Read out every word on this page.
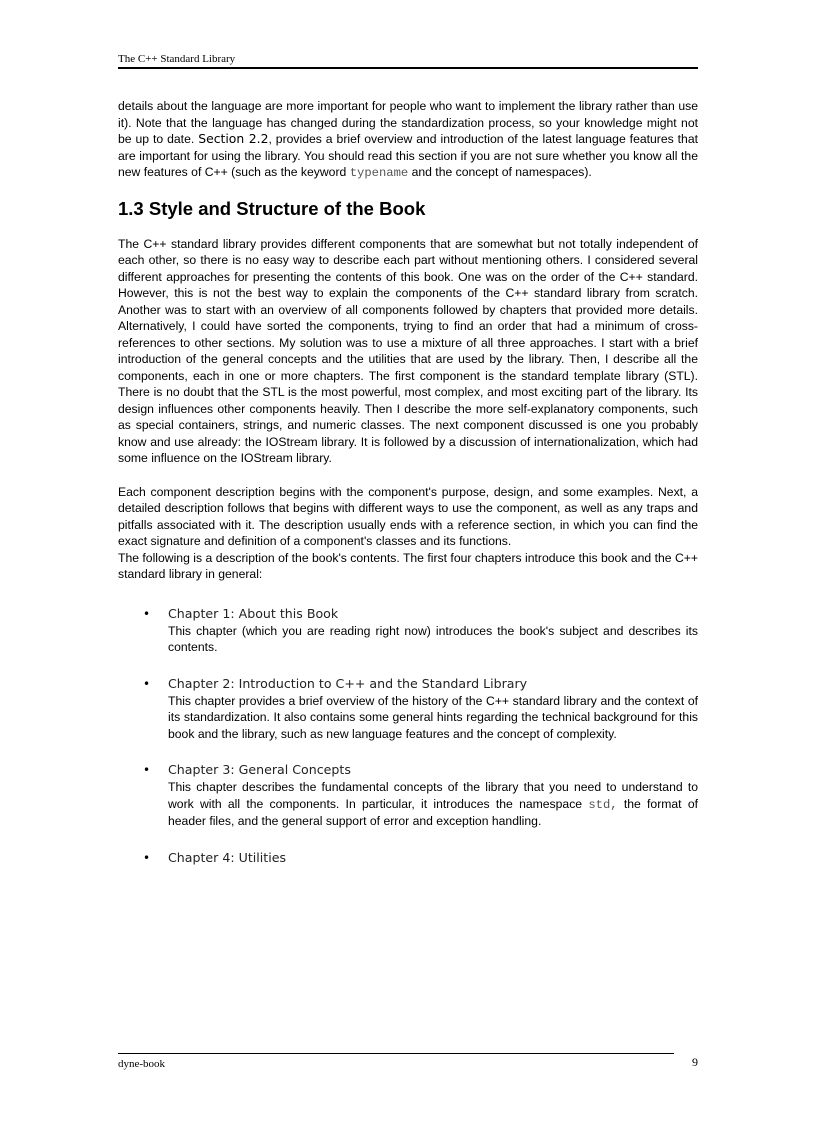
The C++ Standard Library

details about the language are more important for people who want to implement the library rather than use it). Note that the language has changed during the standardization process, so your knowledge might not be up to date. Section 2.2, provides a brief overview and introduction of the latest language features that are important for using the library. You should read this section if you are not sure whether you know all the new features of C++ (such as the keyword typename and the concept of namespaces).

1.3 Style and Structure of the Book

The C++ standard library provides different components that are somewhat but not totally independent of each other, so there is no easy way to describe each part without mentioning others. I considered several different approaches for presenting the contents of this book. One was on the order of the C++ standard. However, this is not the best way to explain the components of the C++ standard library from scratch. Another was to start with an overview of all components followed by chapters that provided more details. Alternatively, I could have sorted the components, trying to find an order that had a minimum of cross-references to other sections. My solution was to use a mixture of all three approaches. I start with a brief introduction of the general concepts and the utilities that are used by the library. Then, I describe all the components, each in one or more chapters. The first component is the standard template library (STL). There is no doubt that the STL is the most powerful, most complex, and most exciting part of the library. Its design influences other components heavily. Then I describe the more self-explanatory components, such as special containers, strings, and numeric classes. The next component discussed is one you probably know and use already: the IOStream library. It is followed by a discussion of internationalization, which had some influence on the IOStream library.

Each component description begins with the component's purpose, design, and some examples. Next, a detailed description follows that begins with different ways to use the component, as well as any traps and pitfalls associated with it. The description usually ends with a reference section, in which you can find the exact signature and definition of a component's classes and its functions.

The following is a description of the book's contents. The first four chapters introduce this book and the C++ standard library in general:

• Chapter 1: About this Book

This chapter (which you are reading right now) introduces the book's subject and describes its contents.

• Chapter 2: Introduction to C++ and the Standard Library

This chapter provides a brief overview of the history of the C++ standard library and the context of its standardization. It also contains some general hints regarding the technical background for this book and the library, such as new language features and the concept of complexity.

• Chapter 3: General Concepts

This chapter describes the fundamental concepts of the library that you need to understand to work with all the components. In particular, it introduces the namespace std, the format of header files, and the general support of error and exception handling.

• Chapter 4: Utilities
dyne-book	9
